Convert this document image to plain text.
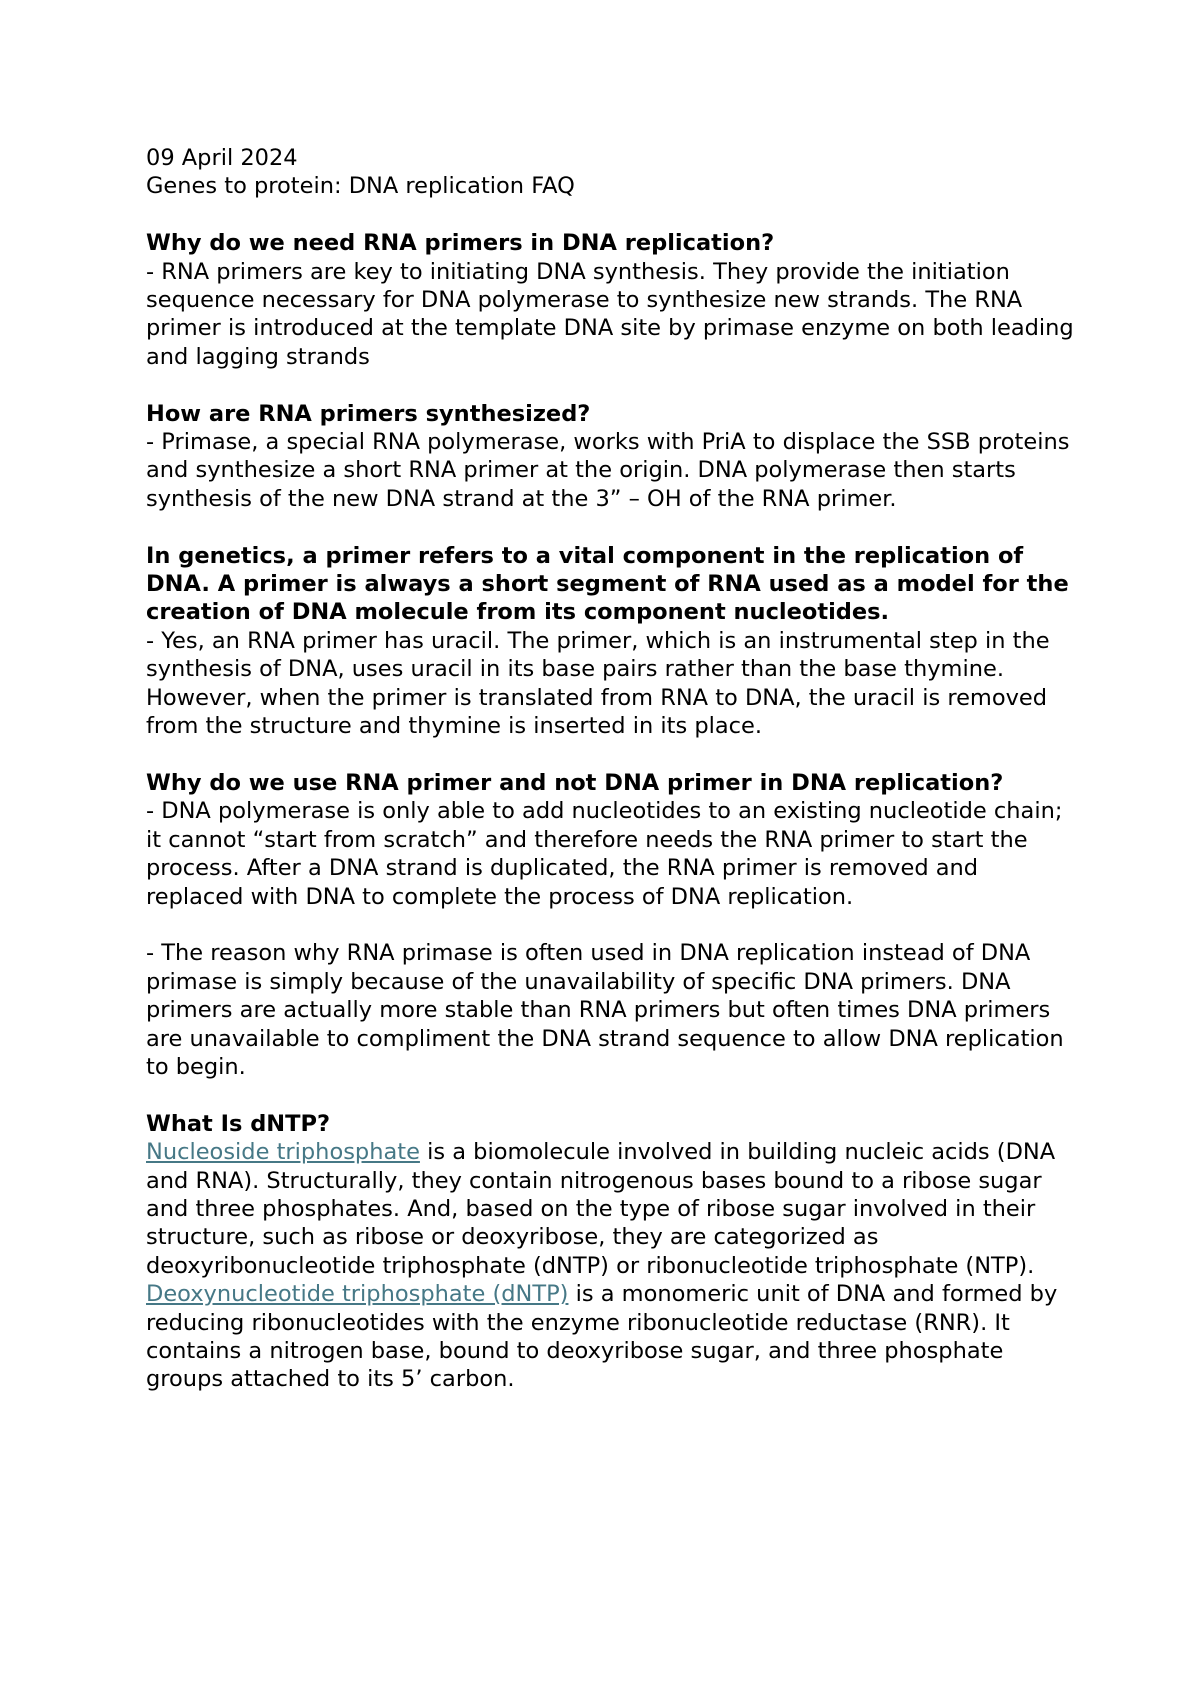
09 April 2024

Genes to protein: DNA replication FAQ

Why do we need RNA primers in DNA replication?

- RNA primers are key to initiating DNA synthesis. They provide the initiation sequence necessary for DNA polymerase to synthesize new strands. The RNA primer is introduced at the template DNA site by primase enzyme on both leading and lagging strands

How are RNA primers synthesized?

- Primase, a special RNA polymerase, works with PriA to displace the SSB proteins and synthesize a short RNA primer at the origin. DNA polymerase then starts synthesis of the new DNA strand at the 3” – OH of the RNA primer.

In genetics, a primer refers to a vital component in the replication of DNA. A primer is always a short segment of RNA used as a model for the creation of DNA molecule from its component nucleotides.

- Yes, an RNA primer has uracil. The primer, which is an instrumental step in the synthesis of DNA, uses uracil in its base pairs rather than the base thymine. However, when the primer is translated from RNA to DNA, the uracil is removed from the structure and thymine is inserted in its place.

Why do we use RNA primer and not DNA primer in DNA replication?

- DNA polymerase is only able to add nucleotides to an existing nucleotide chain; it cannot “start from scratch” and therefore needs the RNA primer to start the process. After a DNA strand is duplicated, the RNA primer is removed and replaced with DNA to complete the process of DNA replication.

- The reason why RNA primase is often used in DNA replication instead of DNA primase is simply because of the unavailability of specific DNA primers. DNA primers are actually more stable than RNA primers but often times DNA primers are unavailable to compliment the DNA strand sequence to allow DNA replication to begin.

What Is dNTP?

Nucleoside triphosphate is a biomolecule involved in building nucleic acids (DNA and RNA). Structurally, they contain nitrogenous bases bound to a ribose sugar and three phosphates. And, based on the type of ribose sugar involved in their structure, such as ribose or deoxyribose, they are categorized as deoxyribonucleotide triphosphate (dNTP) or ribonucleotide triphosphate (NTP).

Deoxynucleotide triphosphate (dNTP) is a monomeric unit of DNA and formed by reducing ribonucleotides with the enzyme ribonucleotide reductase (RNR). It contains a nitrogen base, bound to deoxyribose sugar, and three phosphate groups attached to its 5’ carbon.
